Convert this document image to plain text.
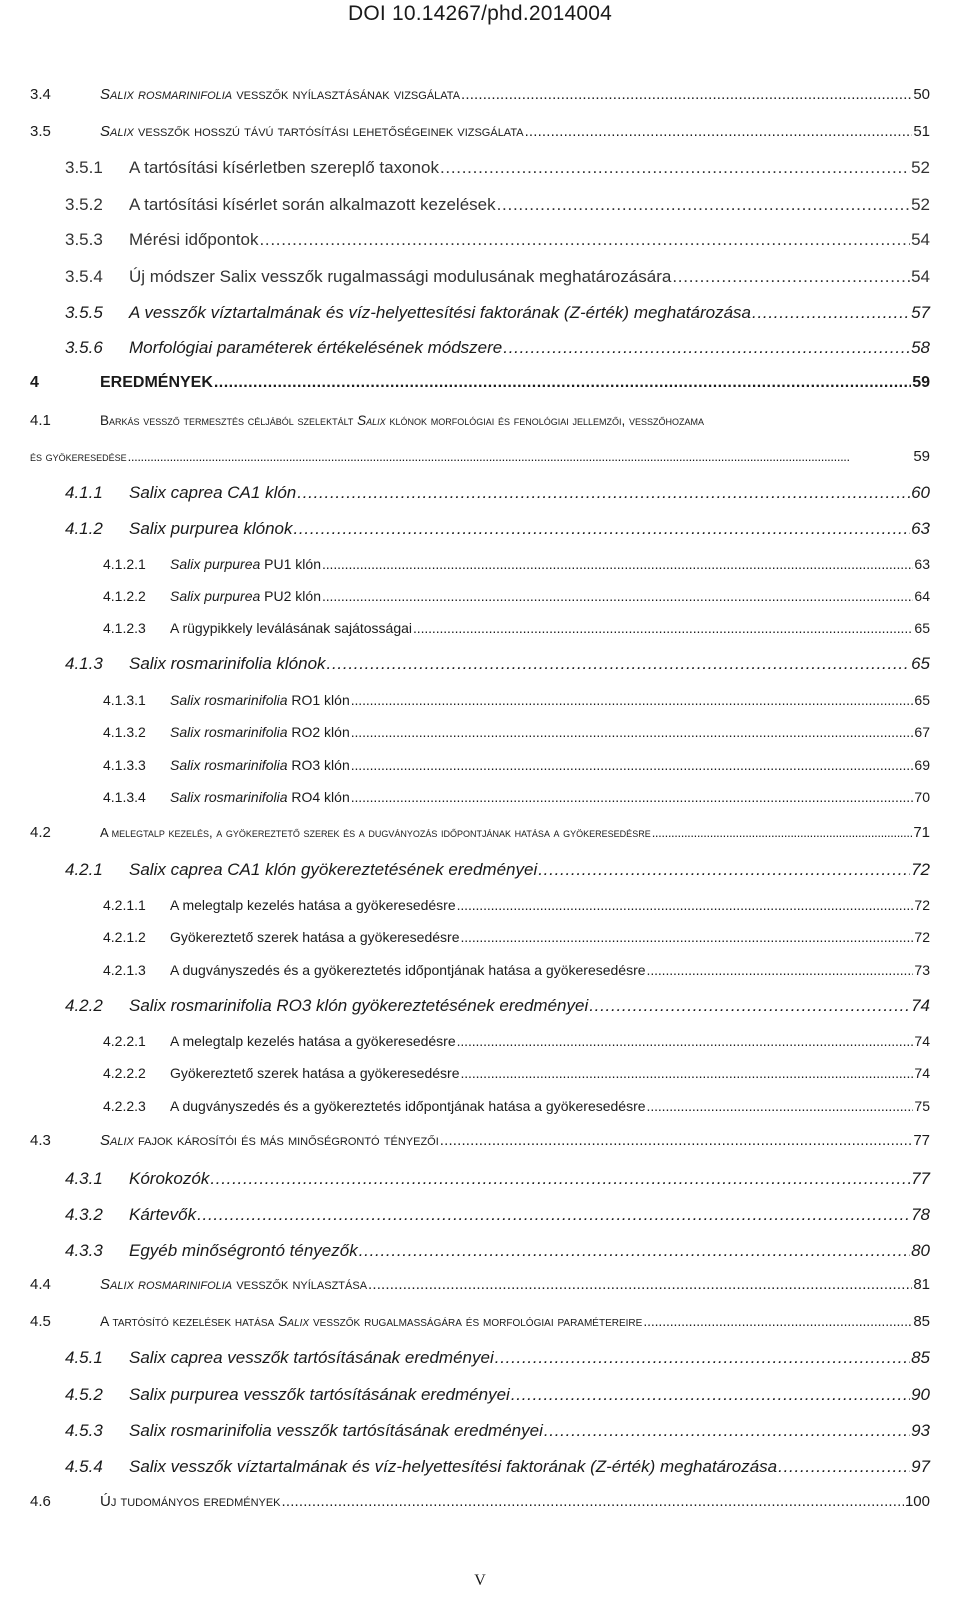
DOI 10.14267/phd.2014004
3.4	Salix rosmarinifolia vesszők nyílasztásának vizsgálata . . .	50
3.5	Salix vesszők hosszú távú tartósítási lehetőségeinek vizsgálata . . .	51
3.5.1	A tartósítási kísérletben szereplő taxonok . . .	52
3.5.2	A tartósítási kísérlet során alkalmazott kezelések . . .	52
3.5.3	Mérési időpontok . . .	54
3.5.4	Új módszer Salix vesszők rugalmassági modulusának meghatározására . . .	54
3.5.5	A vesszők víztartalmának és víz-helyettesítési faktorának (Z-érték) meghatározása . . .	57
3.5.6	Morfológiai paraméterek értékelésének módszere . . .	58
4	EREDMÉNYEK . . .	59
4.1	Barkás vessző termesztés céljából szelektált Salix klónok morfológiai és fenológiai jellemzői, vesszőhozama
és gyökeresedése . . .	59
4.1.1	Salix caprea CA1 klón . . .	60
4.1.2	Salix purpurea klónok . . .	63
4.1.2.1	Salix purpurea PU1 klón . . .	63
4.1.2.2	Salix purpurea PU2 klón . . .	64
4.1.2.3	A rügypikkely leválásának sajátosságai . . .	65
4.1.3	Salix rosmarinifolia klónok . . .	65
4.1.3.1	Salix rosmarinifolia RO1 klón . . .	65
4.1.3.2	Salix rosmarinifolia RO2 klón . . .	67
4.1.3.3	Salix rosmarinifolia RO3 klón . . .	69
4.1.3.4	Salix rosmarinifolia RO4 klón . . .	70
4.2	A melegtalp kezelés, a gyökereztető szerek és a dugványozás időpontjának hatása a gyökeresedésre . . .	71
4.2.1	Salix caprea CA1 klón gyökereztetésének eredményei . . .	72
4.2.1.1	A melegtalp kezelés hatása a gyökeresedésre . . .	72
4.2.1.2	Gyökereztető szerek hatása a gyökeresedésre . . .	72
4.2.1.3	A dugványszedés és a gyökereztetés időpontjának hatása a gyökeresedésre . . .	73
4.2.2	Salix rosmarinifolia RO3 klón gyökereztetésének eredményei . . .	74
4.2.2.1	A melegtalp kezelés hatása a gyökeresedésre . . .	74
4.2.2.2	Gyökereztető szerek hatása a gyökeresedésre . . .	74
4.2.2.3	A dugványszedés és a gyökereztetés időpontjának hatása a gyökeresedésre . . .	75
4.3	Salix fajok károsítói és más minőségrontó tényezői . . .	77
4.3.1	Kórokozók . . .	77
4.3.2	Kártevők . . .	78
4.3.3	Egyéb minőségrontó tényezők . . .	80
4.4	Salix rosmarinifolia vesszők nyílasztása . . .	81
4.5	A tartósító kezelések hatása Salix vesszők rugalmasságára és morfológiai paramétereire . . .	85
4.5.1	Salix caprea vesszők tartósításának eredményei . . .	85
4.5.2	Salix purpurea vesszők tartósításának eredményei . . .	90
4.5.3	Salix rosmarinifolia vesszők tartósításának eredményei . . .	93
4.5.4	Salix vesszők víztartalmának és víz-helyettesítési faktorának (Z-érték) meghatározása . . .	97
4.6	Új tudományos eredmények . . .	100
V
